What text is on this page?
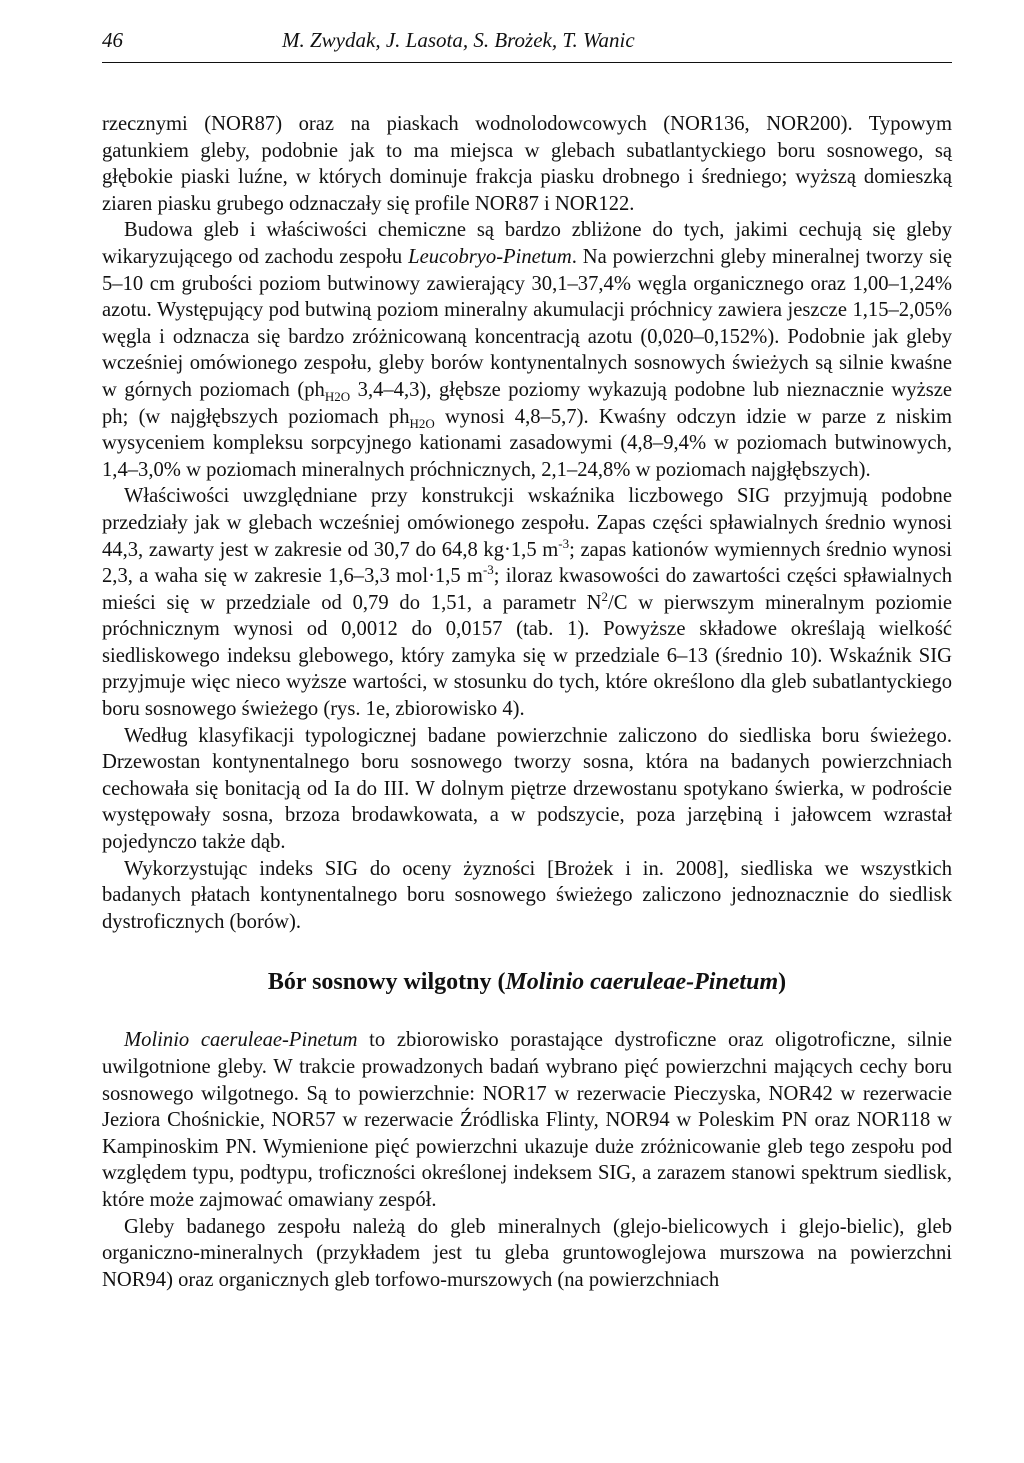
46	M. Zwydak, J. Lasota, S. Brożek, T. Wanic

rzecznymi (NOR87) oraz na piaskach wodnolodowcowych (NOR136, NOR200). Typowym gatunkiem gleby, podobnie jak to ma miejsca w glebach subatlantyckiego boru sosnowego, są głębokie piaski luźne, w których dominuje frakcja piasku drobnego i średniego; wyższą domieszką ziaren piasku grubego odznaczały się profile NOR87 i NOR122.

Budowa gleb i właściwości chemiczne są bardzo zbliżone do tych, jakimi cechują się gleby wikaryzującego od zachodu zespołu Leucobryo-Pinetum. Na powierzchni gleby mineralnej tworzy się 5–10 cm grubości poziom butwinowy zawierający 30,1–37,4% węgla organicznego oraz 1,00–1,24% azotu. Występujący pod butwiną poziom mineralny akumulacji próchnicy zawiera jeszcze 1,15–2,05% węgla i odznacza się bardzo zróżnicowaną koncentracją azotu (0,020–0,152%). Podobnie jak gleby wcześniej omówionego zespołu, gleby borów kontynentalnych sosnowych świeżych są silnie kwaśne w górnych poziomach ($ph_{H2O}$ 3,4–4,3), głębsze poziomy wykazują podobne lub nieznacznie wyższe ph; (w najgłębszych poziomach $ph_{H2O}$ wynosi 4,8–5,7). Kwaśny odczyn idzie w parze z niskim wysyceniem kompleksu sorpcyjnego kationami zasadowymi (4,8–9,4% w poziomach butwinowych, 1,4–3,0% w poziomach mineralnych próchnicznych, 2,1–24,8% w poziomach najgłębszych).

Właściwości uwzględniane przy konstrukcji wskaźnika liczbowego SIG przyjmują podobne przedziały jak w glebach wcześniej omówionego zespołu. Zapas części spławialnych średnio wynosi 44,3, zawarty jest w zakresie od 30,7 do 64,8 kg·1,5 $m^{-3}$; zapas kationów wymiennych średnio wynosi 2,3, a waha się w zakresie 1,6–3,3 mol·1,5 $m^{-3}$; iloraz kwasowości do zawartości części spławialnych mieści się w przedziale od 0,79 do 1,51, a parametr $N^2/C$ w pierwszym mineralnym poziomie próchnicznym wynosi od 0,0012 do 0,0157 (tab. 1). Powyższe składowe określają wielkość siedliskowego indeksu glebowego, który zamyka się w przedziale 6–13 (średnio 10). Wskaźnik SIG przyjmuje więc nieco wyższe wartości, w stosunku do tych, które określono dla gleb subatlantyckiego boru sosnowego świeżego (rys. 1e, zbiorowisko 4).

Według klasyfikacji typologicznej badane powierzchnie zaliczono do siedliska boru świeżego. Drzewostan kontynentalnego boru sosnowego tworzy sosna, która na badanych powierzchniach cechowała się bonitacją od Ia do III. W dolnym piętrze drzewostanu spotykano świerka, w podroście występowały sosna, brzoza brodawkowata, a w podszycie, poza jarzębiną i jałowcem wzrastał pojedynczo także dąb.

Wykorzystując indeks SIG do oceny żyzności [Brożek i in. 2008], siedliska we wszystkich badanych płatach kontynentalnego boru sosnowego świeżego zaliczono jednoznacznie do siedlisk dystroficznych (borów).

Bór sosnowy wilgotny (Molinio caeruleae-Pinetum)

Molinio caeruleae-Pinetum to zbiorowisko porastające dystroficzne oraz oligotroficzne, silnie uwilgotnione gleby. W trakcie prowadzonych badań wybrano pięć powierzchni mających cechy boru sosnowego wilgotnego. Są to powierzchnie: NOR17 w rezerwacie Pieczyska, NOR42 w rezerwacie Jeziora Chośnickie, NOR57 w rezerwacie Źródliska Flinty, NOR94 w Poleskim PN oraz NOR118 w Kampinoskim PN. Wymienione pięć powierzchni ukazuje duże zróżnicowanie gleb tego zespołu pod względem typu, podtypu, troficzności określonej indeksem SIG, a zarazem stanowi spektrum siedlisk, które może zajmować omawiany zespół.

Gleby badanego zespołu należą do gleb mineralnych (glejo-bielicowych i glejo-bielic), gleb organiczno-mineralnych (przykładem jest tu gleba gruntowoglejowa murszowa na powierzchni NOR94) oraz organicznych gleb torfowo-murszowych (na powierzchniach
